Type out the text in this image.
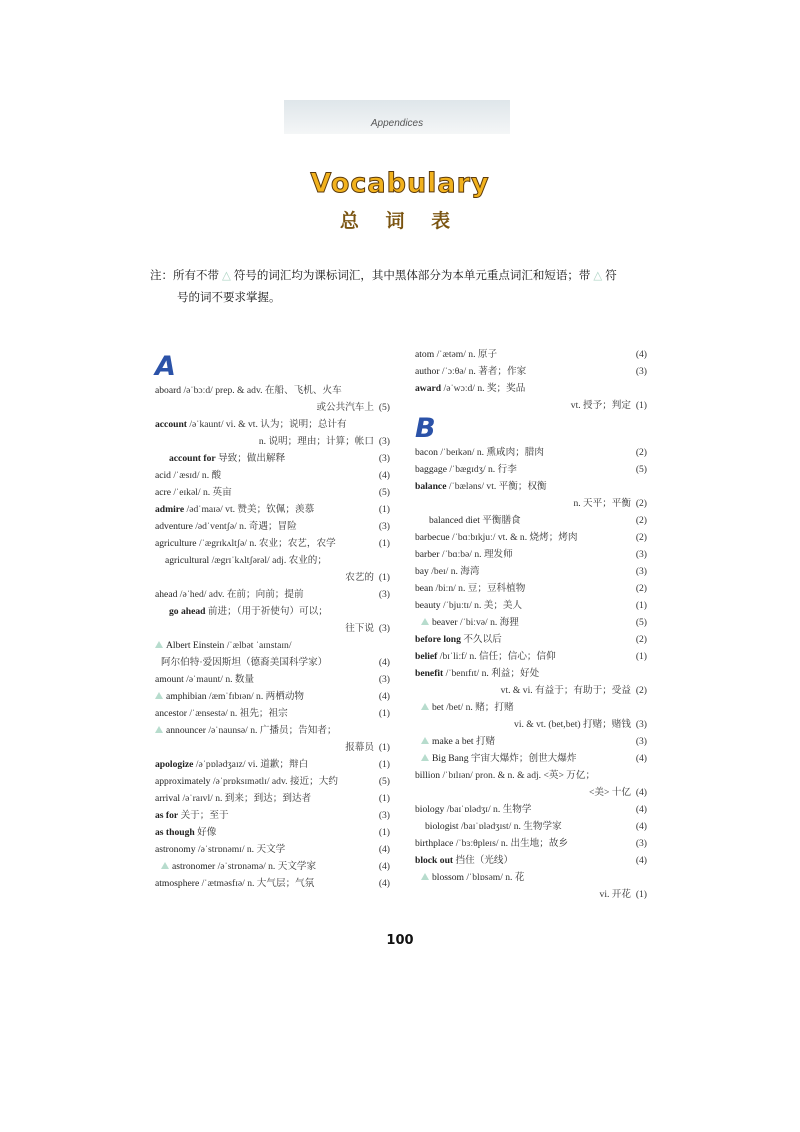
Appendices
Vocabulary
总 词 表
注：所有不带 △ 符号的词汇均为课标词汇，其中黑体部分为本单元重点词汇和短语；带 △ 符
号的词不要求掌握。
A
aboard /əˈbɔːd/ prep. & adv. 在船、飞机、火车
或公共汽车上 (5)
account /əˈkaunt/ vi. & vt. 认为；说明；总计有
n. 说明；理由；计算；帐口 (3)
account for 导致；做出解释	(3)
acid /ˈæsɪd/ n. 酸	(4)
acre /ˈeɪkəl/ n. 英亩	(5)
admire /ədˈmaɪə/ vt. 赞美；钦佩；羡慕	(1)
adventure /ədˈventʃə/ n. 奇遇；冒险	(3)
agriculture /ˈægrɪkʌltʃə/ n. 农业；农艺，农学	(1)
agricultural /ægrɪˈkʌltʃərəl/ adj. 农业的；
农艺的 (1)
ahead /əˈhed/ adv. 在前；向前；提前	(3)
go ahead 前进；（用于祈使句）可以；
往下说 (3)
Albert Einstein /ˈælbət ˈaɪnstaɪn/
阿尔伯特·爱因斯坦（德裔美国科学家）	(4)
amount /əˈmaunt/ n. 数量	(3)
amphibian /æmˈfɪbɪən/ n. 两栖动物	(4)
ancestor /ˈænsestə/ n. 祖先；祖宗	(1)
announcer /əˈnaunsə/ n. 广播员；告知者；
报幕员 (1)
apologize /əˈpɒlədʒaɪz/ vi. 道歉；辩白	(1)
approximately /əˈprɒksɪmətlɪ/ adv. 接近；大约	(5)
arrival /əˈraɪvl/ n. 到来；到达；到达者	(1)
as for 关于；至于	(3)
as though 好像	(1)
astronomy /əˈstrɒnəmɪ/ n. 天文学	(4)
astronomer /əˈstrɒnəmə/ n. 天文学家	(4)
atmosphere /ˈætməsfɪə/ n. 大气层；气氛	(4)
atom /ˈætəm/ n. 原子	(4)
author /ˈɔːθə/ n. 著者；作家	(3)
award /əˈwɔːd/ n. 奖；奖品
vt. 授予；判定 (1)
B
bacon /ˈbeɪkən/ n. 熏咸肉；腊肉	(2)
baggage /ˈbægɪdʒ/ n. 行李	(5)
balance /ˈbæləns/ vt. 平衡；权衡
n. 天平；平衡 (2)
balanced diet 平衡膳食	(2)
barbecue /ˈbɑːbɪkjuː/ vt. & n. 烧烤；烤肉	(2)
barber /ˈbɑːbə/ n. 理发师	(3)
bay /beɪ/ n. 海湾	(3)
bean /biːn/ n. 豆；豆科植物	(2)
beauty /ˈbjuːtɪ/ n. 美；美人	(1)
beaver /ˈbiːvə/ n. 海狸	(5)
before long 不久以后	(2)
belief /bɪˈliːf/ n. 信任；信心；信仰	(1)
benefit /ˈbenɪfɪt/ n. 利益；好处
vt. & vi. 有益于；有助于；受益 (2)
bet /bet/ n. 赌；打赌
vi. & vt. (bet,bet) 打赌；赌钱 (3)
make a bet 打赌	(3)
Big Bang 宇宙大爆炸；创世大爆炸	(4)
billion /ˈbɪlɪən/ pron. & n. & adj. <英> 万亿；
<美> 十亿 (4)
biology /baɪˈɒlədʒɪ/ n. 生物学	(4)
biologist /baɪˈɒlədʒɪst/ n. 生物学家	(4)
birthplace /ˈbɜːθpleɪs/ n. 出生地；故乡	(3)
block out 挡住（光线）	(4)
blossom /ˈblɒsəm/ n. 花
vi. 开花 (1)
100
